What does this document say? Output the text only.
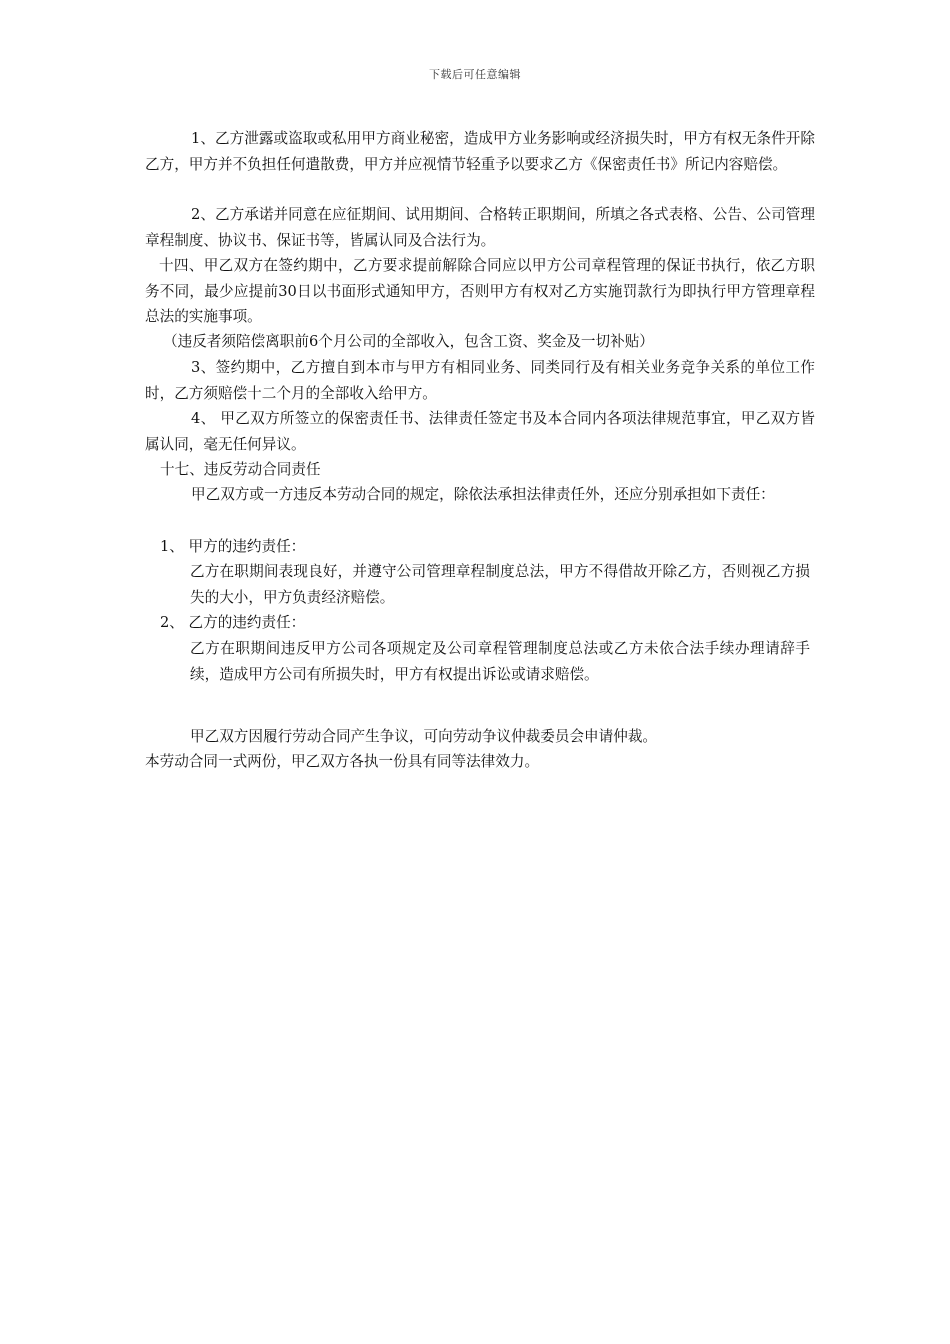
下载后可任意编辑
1、乙方泄露或盗取或私用甲方商业秘密，造成甲方业务影响或经济损失时，甲方有权无条件开除乙方，甲方并不负担任何遣散费，甲方并应视情节轻重予以要求乙方《保密责任书》所记内容赔偿。
2、乙方承诺并同意在应征期间、试用期间、合格转正职期间，所填之各式表格、公告、公司管理章程制度、协议书、保证书等，皆属认同及合法行为。
十四、甲乙双方在签约期中，乙方要求提前解除合同应以甲方公司章程管理的保证书执行，依乙方职务不同，最少应提前30日以书面形式通知甲方，否则甲方有权对乙方实施罚款行为即执行甲方管理章程总法的实施事项。
（违反者须陪偿离职前6个月公司的全部收入，包含工资、奖金及一切补贴）
3、签约期中，乙方擅自到本市与甲方有相同业务、同类同行及有相关业务竞争关系的单位工作时，乙方须赔偿十二个月的全部收入给甲方。
4、 甲乙双方所签立的保密责任书、法律责任签定书及本合同内各项法律规范事宜，甲乙双方皆属认同，毫无任何异议。
十七、违反劳动合同责任
甲乙双方或一方违反本劳动合同的规定，除依法承担法律责任外，还应分别承担如下责任：
1、 甲方的违约责任：
乙方在职期间表现良好，并遵守公司管理章程制度总法，甲方不得借故开除乙方，否则视乙方损失的大小，甲方负责经济赔偿。
2、 乙方的违约责任：
乙方在职期间违反甲方公司各项规定及公司章程管理制度总法或乙方未依合法手续办理请辞手续，造成甲方公司有所损失时，甲方有权提出诉讼或请求赔偿。
甲乙双方因履行劳动合同产生争议，可向劳动争议仲裁委员会申请仲裁。
本劳动合同一式两份，甲乙双方各执一份具有同等法律效力。
